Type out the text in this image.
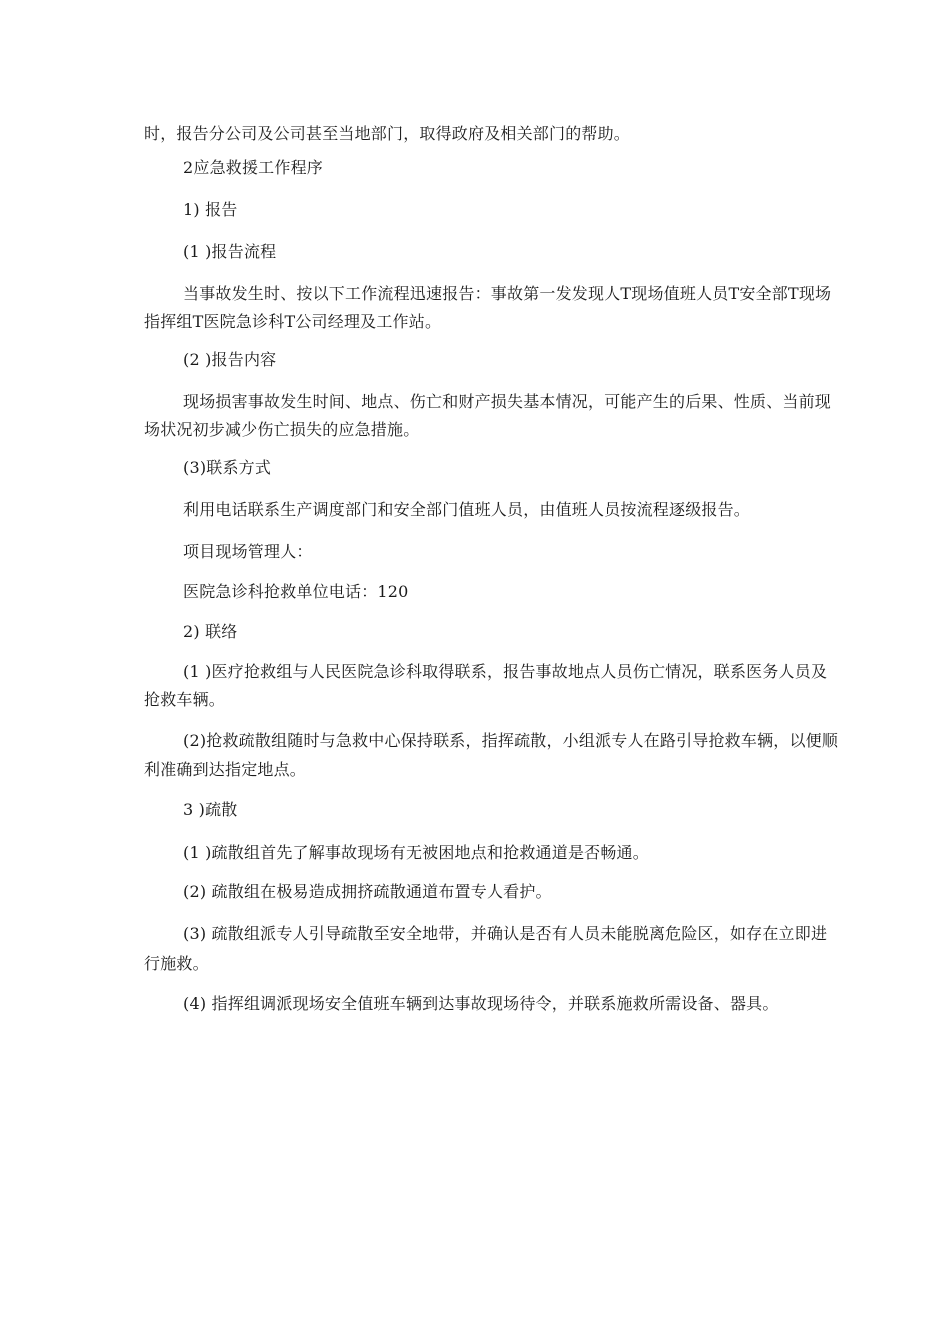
时，报告分公司及公司甚至当地部门，取得政府及相关部门的帮助。
2应急救援工作程序
1) 报告
(1 )报告流程
当事故发生时、按以下工作流程迅速报告：事故第一发发现人T现场值班人员T安全部T现场
指挥组T医院急诊科T公司经理及工作站。
(2 )报告内容
现场损害事故发生时间、地点、伤亡和财产损失基本情况，可能产生的后果、性质、当前现
场状况初步减少伤亡损失的应急措施。
(3)联系方式
利用电话联系生产调度部门和安全部门值班人员，由值班人员按流程逐级报告。
项目现场管理人：
医院急诊科抢救单位电话：120
2) 联络
(1 )医疗抢救组与人民医院急诊科取得联系，报告事故地点人员伤亡情况，联系医务人员及
抢救车辆。
(2)抢救疏散组随时与急救中心保持联系，指挥疏散，小组派专人在路引导抢救车辆，以便顺
利准确到达指定地点。
3 )疏散
(1 )疏散组首先了解事故现场有无被困地点和抢救通道是否畅通。
(2) 疏散组在极易造成拥挤疏散通道布置专人看护。
(3) 疏散组派专人引导疏散至安全地带，并确认是否有人员未能脱离危险区，如存在立即进
行施救。
(4) 指挥组调派现场安全值班车辆到达事故现场待令，并联系施救所需设备、器具。
